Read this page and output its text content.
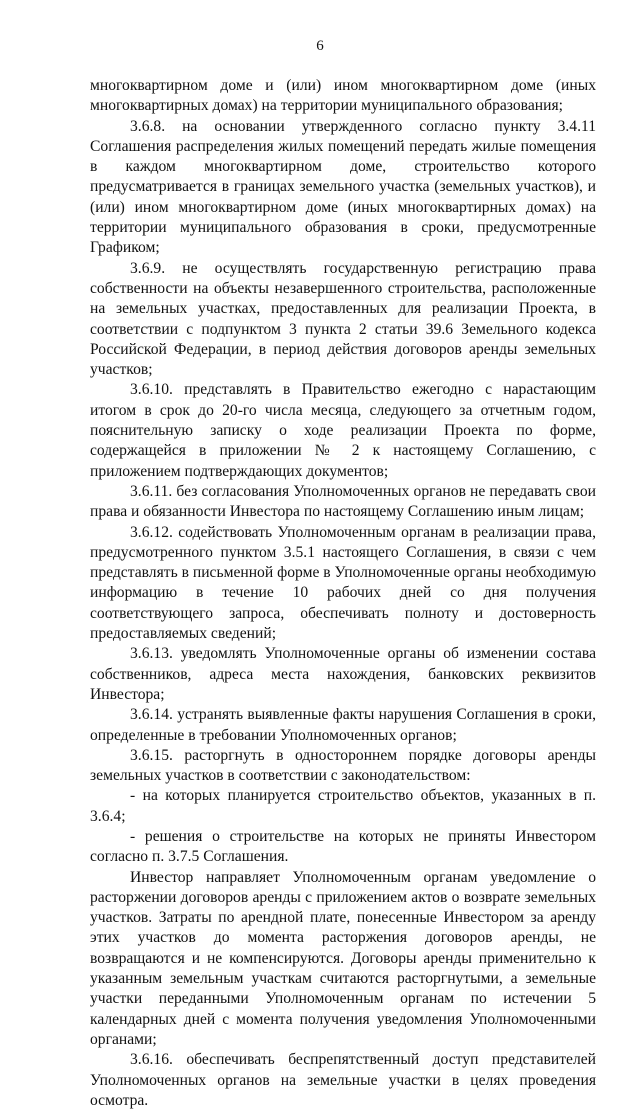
6

многоквартирном доме и (или) ином многоквартирном доме (иных многоквартирных домах) на территории муниципального образования;

3.6.8. на основании утвержденного согласно пункту 3.4.11 Соглашения распределения жилых помещений передать жилые помещения в каждом многоквартирном доме, строительство которого предусматривается в границах земельного участка (земельных участков), и (или) ином многоквартирном доме (иных многоквартирных домах) на территории муниципального образования в сроки, предусмотренные Графиком;

3.6.9. не осуществлять государственную регистрацию права собственности на объекты незавершенного строительства, расположенные на земельных участках, предоставленных для реализации Проекта, в соответствии с подпунктом 3 пункта 2 статьи 39.6 Земельного кодекса Российской Федерации, в период действия договоров аренды земельных участков;

3.6.10. представлять в Правительство ежегодно с нарастающим итогом в срок до 20-го числа месяца, следующего за отчетным годом, пояснительную записку о ходе реализации Проекта по форме, содержащейся в приложении № 2 к настоящему Соглашению, с приложением подтверждающих документов;

3.6.11. без согласования Уполномоченных органов не передавать свои права и обязанности Инвестора по настоящему Соглашению иным лицам;

3.6.12. содействовать Уполномоченным органам в реализации права, предусмотренного пунктом 3.5.1 настоящего Соглашения, в связи с чем представлять в письменной форме в Уполномоченные органы необходимую информацию в течение 10 рабочих дней со дня получения соответствующего запроса, обеспечивать полноту и достоверность предоставляемых сведений;

3.6.13. уведомлять Уполномоченные органы об изменении состава собственников, адреса места нахождения, банковских реквизитов Инвестора;

3.6.14. устранять выявленные факты нарушения Соглашения в сроки, определенные в требовании Уполномоченных органов;

3.6.15. расторгнуть в одностороннем порядке договоры аренды земельных участков в соответствии с законодательством:

- на которых планируется строительство объектов, указанных в п. 3.6.4;

- решения о строительстве на которых не приняты Инвестором согласно п. 3.7.5 Соглашения.

Инвестор направляет Уполномоченным органам уведомление о расторжении договоров аренды с приложением актов о возврате земельных участков. Затраты по арендной плате, понесенные Инвестором за аренду этих участков до момента расторжения договоров аренды, не возвращаются и не компенсируются. Договоры аренды применительно к указанным земельным участкам считаются расторгнутыми, а земельные участки переданными Уполномоченным органам по истечении 5 календарных дней с момента получения уведомления Уполномоченными органами;

3.6.16. обеспечивать беспрепятственный доступ представителей Уполномоченных органов на земельные участки в целях проведения осмотра.
